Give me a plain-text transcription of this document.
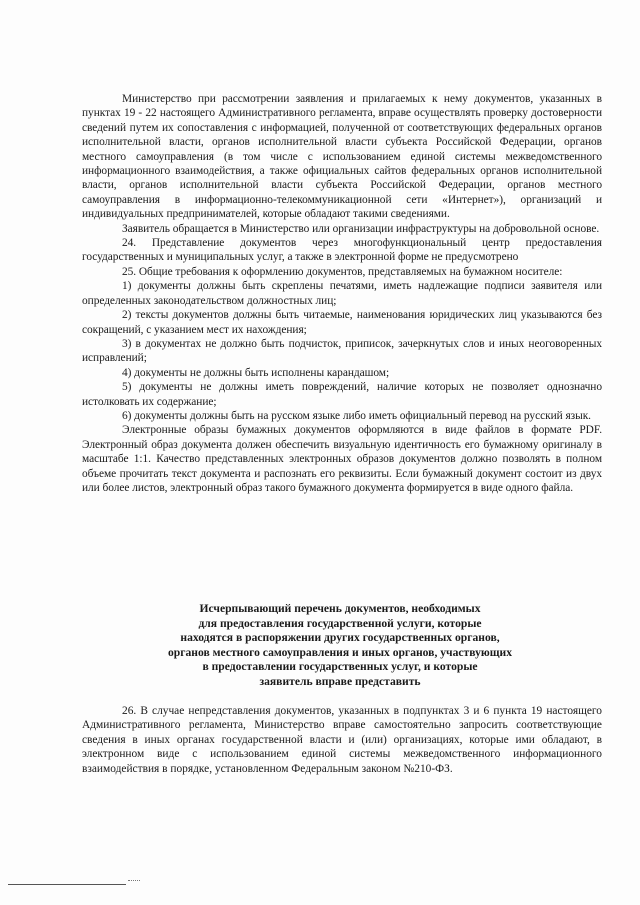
Министерство при рассмотрении заявления и прилагаемых к нему документов, указанных в пунктах 19 - 22 настоящего Административного регламента, вправе осуществлять проверку достоверности сведений путем их сопоставления с информацией, полученной от соответствующих федеральных органов исполнительной власти, органов исполнительной власти субъекта Российской Федерации, органов местного самоуправления (в том числе с использованием единой системы межведомственного информационного взаимодействия, а также официальных сайтов федеральных органов исполнительной власти, органов исполнительной власти субъекта Российской Федерации, органов местного самоуправления в информационно-телекоммуникационной сети «Интернет»), организаций и индивидуальных предпринимателей, которые обладают такими сведениями.

Заявитель обращается в Министерство или организации инфраструктуры на добровольной основе.

24. Представление документов через многофункциональный центр предоставления государственных и муниципальных услуг, а также в электронной форме не предусмотрено

25. Общие требования к оформлению документов, представляемых на бумажном носителе:

1) документы должны быть скреплены печатями, иметь надлежащие подписи заявителя или определенных законодательством должностных лиц;

2) тексты документов должны быть читаемые, наименования юридических лиц указываются без сокращений, с указанием мест их нахождения;

3) в документах не должно быть подчисток, приписок, зачеркнутых слов и иных неоговоренных исправлений;

4) документы не должны быть исполнены карандашом;

5) документы не должны иметь повреждений, наличие которых не позволяет однозначно истолковать их содержание;

6) документы должны быть на русском языке либо иметь официальный перевод на русский язык.

Электронные образы бумажных документов оформляются в виде файлов в формате PDF. Электронный образ документа должен обеспечить визуальную идентичность его бумажному оригиналу в масштабе 1:1. Качество представленных электронных образов документов должно позволять в полном объеме прочитать текст документа и распознать его реквизиты. Если бумажный документ состоит из двух или более листов, электронный образ такого бумажного документа формируется в виде одного файла.

Исчерпывающий перечень документов, необходимых
для предоставления государственной услуги, которые
находятся в распоряжении других государственных органов,
органов местного самоуправления и иных органов, участвующих
в предоставлении государственных услуг, и которые
заявитель вправе представить

26. В случае непредставления документов, указанных в подпунктах 3 и 6 пункта 19 настоящего Административного регламента, Министерство вправе самостоятельно запросить соответствующие сведения в иных органах государственной власти и (или) организациях, которые ими обладают, в электронном виде с использованием единой системы межведомственного информационного взаимодействия в порядке, установленном Федеральным законом №210-ФЗ.
